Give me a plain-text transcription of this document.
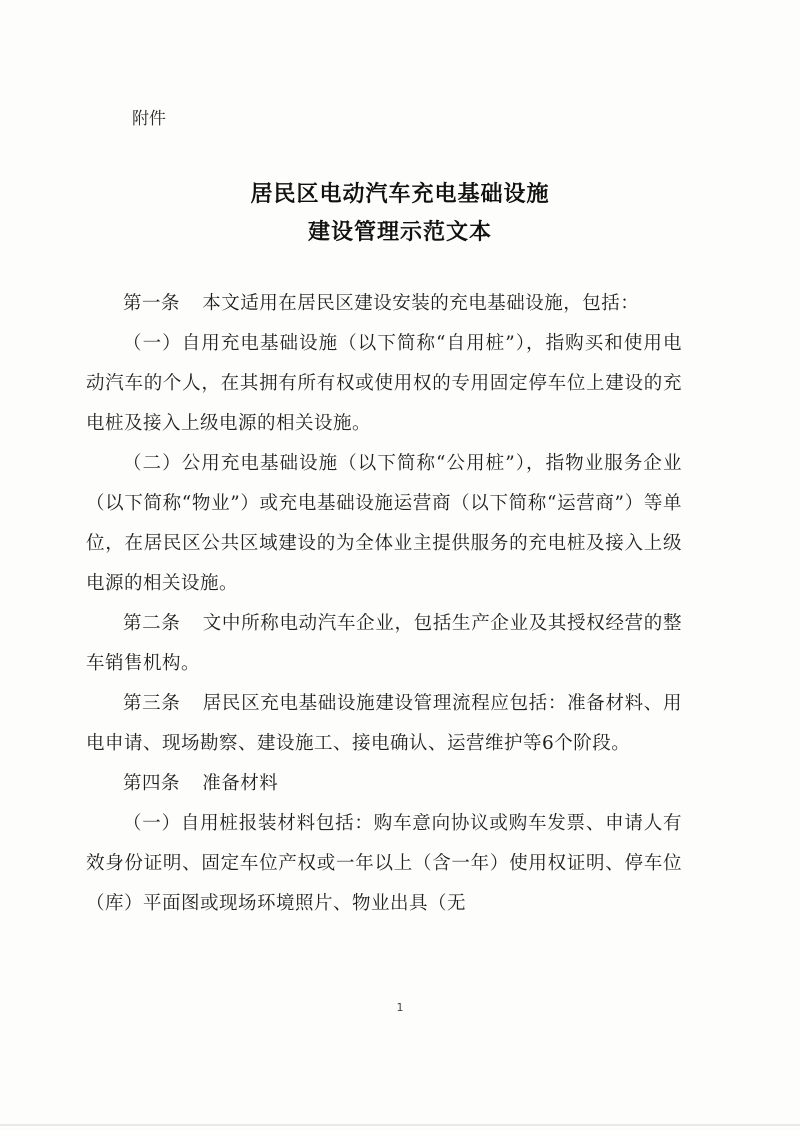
附件
居民区电动汽车充电基础设施
建设管理示范文本

第一条 本文适用在居民区建设安装的充电基础设施，包括：

（一）自用充电基础设施（以下简称“自用桩”），指购买和使用电动汽车的个人，在其拥有所有权或使用权的专用固定停车位上建设的充电桩及接入上级电源的相关设施。

（二）公用充电基础设施（以下简称“公用桩”），指物业服务企业（以下简称“物业”）或充电基础设施运营商（以下简称“运营商”）等单位，在居民区公共区域建设的为全体业主提供服务的充电桩及接入上级电源的相关设施。

第二条 文中所称电动汽车企业，包括生产企业及其授权经营的整车销售机构。

第三条 居民区充电基础设施建设管理流程应包括：准备材料、用电申请、现场勘察、建设施工、接电确认、运营维护等6个阶段。

第四条 准备材料

（一）自用桩报装材料包括：购车意向协议或购车发票、申请人有效身份证明、固定车位产权或一年以上（含一年）使用权证明、停车位（库）平面图或现场环境照片、物业出具（无

1
